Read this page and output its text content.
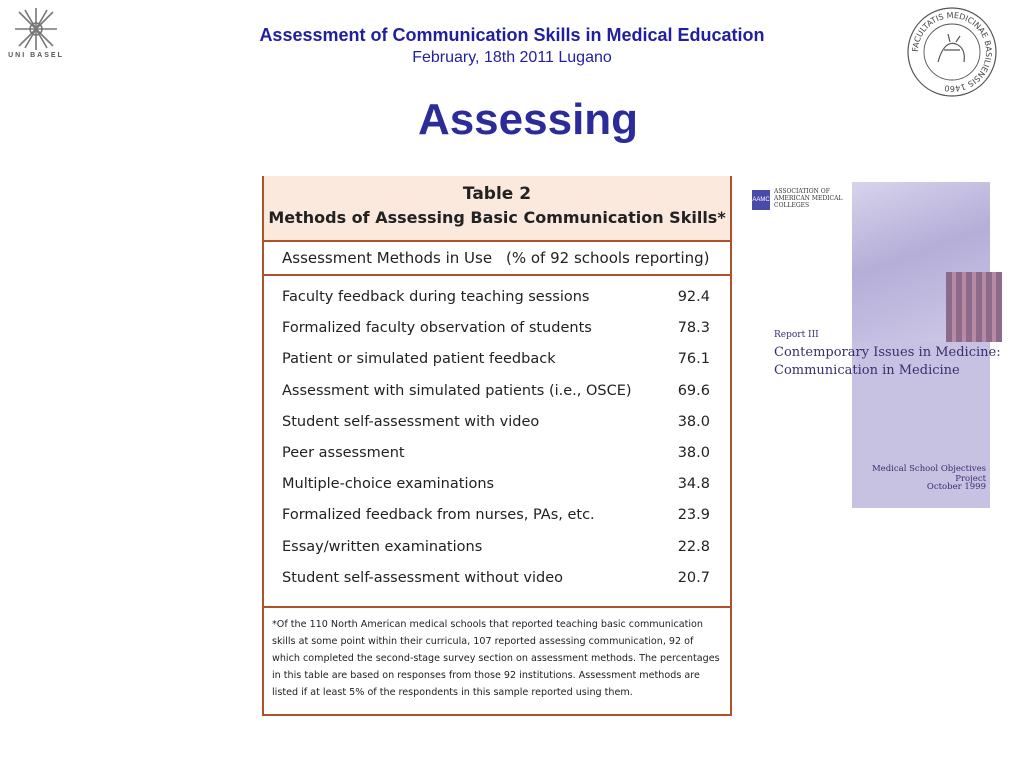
UNI BASEL
FACULTATIS MEDICINAE BASILIENSIS 1460
Assessment of Communication Skills in Medical Education
February, 18th 2011 Lugano
Assessing
Table 2
Methods of Assessing Basic Communication Skills*
Assessment Methods in Use (% of 92 schools reporting)
Faculty feedback during teaching sessions	92.4
Formalized faculty observation of students	78.3
Patient or simulated patient feedback	76.1
Assessment with simulated patients (i.e., OSCE)	69.6
Student self-assessment with video	38.0
Peer assessment	38.0
Multiple-choice examinations	34.8
Formalized feedback from nurses, PAs, etc.	23.9
Essay/written examinations	22.8
Student self-assessment without video	20.7
*Of the 110 North American medical schools that reported teaching basic communication skills at some point within their curricula, 107 reported assessing communication, 92 of which completed the second-stage survey section on assessment methods. The percentages in this table are based on responses from those 92 institutions. Assessment methods are listed if at least 5% of the respondents in this sample reported using them.
AAMC
ASSOCIATION OF AMERICAN MEDICAL COLLEGES
Report III
Contemporary Issues in Medicine:
Communication in Medicine
Medical School Objectives Project
October 1999
